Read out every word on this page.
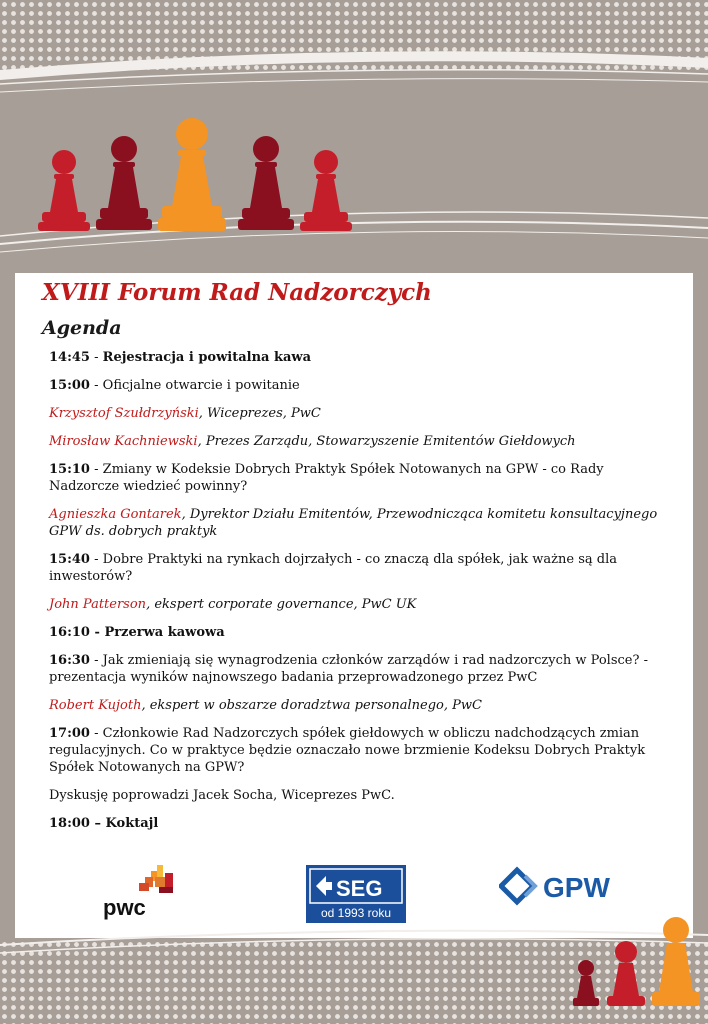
XVIII Forum Rad Nadzorczych
Agenda

14:45 - Rejestracja i powitalna kawa

15:00 - Oficjalne otwarcie i powitanie

Krzysztof Szułdrzyński, Wiceprezes, PwC

Mirosław Kachniewski, Prezes Zarządu, Stowarzyszenie Emitentów Giełdowych

15:10 - Zmiany w Kodeksie Dobrych Praktyk Spółek Notowanych na GPW - co Rady Nadzorcze wiedzieć powinny?

Agnieszka Gontarek, Dyrektor Działu Emitentów, Przewodnicząca komitetu konsultacyjnego GPW ds. dobrych praktyk

15:40 - Dobre Praktyki na rynkach dojrzałych - co znaczą dla spółek, jak ważne są dla inwestorów?

John Patterson, ekspert corporate governance, PwC UK

16:10 - Przerwa kawowa

16:30 - Jak zmieniają się wynagrodzenia członków zarządów i rad nadzorczych w Polsce? - prezentacja wyników najnowszego badania przeprowadzonego przez PwC

Robert Kujoth, ekspert w obszarze doradztwa personalnego, PwC

17:00 - Członkowie Rad Nadzorczych spółek giełdowych w obliczu nadchodzących zmian regulacyjnych. Co w praktyce będzie oznaczało nowe brzmienie Kodeksu Dobrych Praktyk Spółek Notowanych na GPW?

Dyskusję poprowadzi Jacek Socha, Wiceprezes PwC.

18:00 – Koktajl

pwc
SEG
od 1993 roku
GPW
